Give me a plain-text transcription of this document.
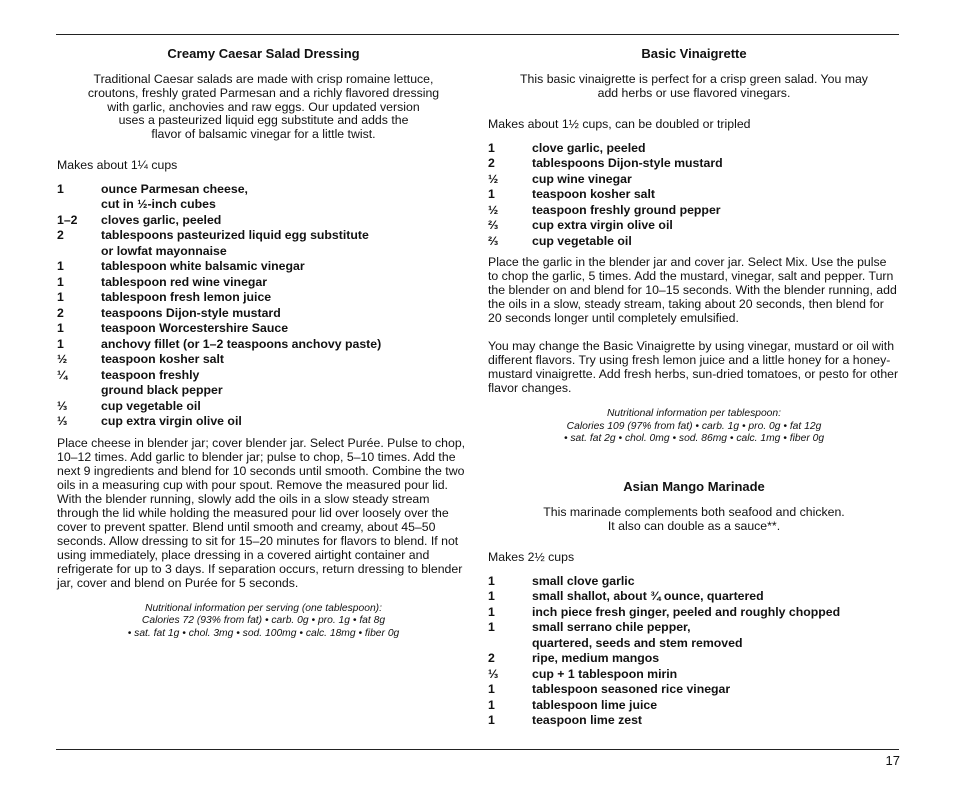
Creamy Caesar Salad Dressing

Traditional Caesar salads are made with crisp romaine lettuce,
croutons, freshly grated Parmesan and a richly flavored dressing
with garlic, anchovies and raw eggs. Our updated version
uses a pasteurized liquid egg substitute and adds the
flavor of balsamic vinegar for a little twist.

Makes about 1¼ cups

1	ounce Parmesan cheese,
cut in ½-inch cubes
1–2	cloves garlic, peeled
2	tablespoons pasteurized liquid egg substitute
or lowfat mayonnaise
1	tablespoon white balsamic vinegar
1	tablespoon red wine vinegar
1	tablespoon fresh lemon juice
2	teaspoons Dijon-style mustard
1	teaspoon Worcestershire Sauce
1	anchovy fillet (or 1–2 teaspoons anchovy paste)
½	teaspoon kosher salt
¼	teaspoon freshly
ground black pepper
⅓	cup vegetable oil
⅓	cup extra virgin olive oil

Place cheese in blender jar; cover blender jar. Select Purée. Pulse to chop, 10–12 times. Add garlic to blender jar; pulse to chop, 5–10 times. Add the next 9 ingredients and blend for 10 seconds until smooth. Combine the two oils in a measuring cup with pour spout. Remove the measured pour lid. With the blender running, slowly add the oils in a slow steady stream through the lid while holding the measured pour lid over loosely over the cover to prevent spatter. Blend until smooth and creamy, about 45–50 seconds. Allow dressing to sit for 15–20 minutes for flavors to blend. If not using immediately, place dressing in a covered airtight container and refrigerate for up to 3 days. If separation occurs, return dressing to blender jar, cover and blend on Purée for 5 seconds.

Nutritional information per serving (one tablespoon):
Calories 72 (93% from fat) • carb. 0g • pro. 1g • fat 8g
• sat. fat 1g • chol. 3mg • sod. 100mg • calc. 18mg • fiber 0g
Basic Vinaigrette

This basic vinaigrette is perfect for a crisp green salad. You may
add herbs or use flavored vinegars.

Makes about 1½ cups, can be doubled or tripled

1	clove garlic, peeled
2	tablespoons Dijon-style mustard
½	cup wine vinegar
1	teaspoon kosher salt
½	teaspoon freshly ground pepper
⅔	cup extra virgin olive oil
⅔	cup vegetable oil

Place the garlic in the blender jar and cover jar. Select Mix. Use the pulse to chop the garlic, 5 times. Add the mustard, vinegar, salt and pepper. Turn the blender on and blend for 10–15 seconds. With the blender running, add the oils in a slow, steady stream, taking about 20 seconds, then blend for 20 seconds longer until completely emulsified.

You may change the Basic Vinaigrette by using vinegar, mustard or oil with different flavors. Try using fresh lemon juice and a little honey for a honey-mustard vinaigrette. Add fresh herbs, sun-dried tomatoes, or pesto for other flavor changes.

Nutritional information per tablespoon:
Calories 109 (97% from fat) • carb. 1g • pro. 0g • fat 12g
• sat. fat 2g • chol. 0mg • sod. 86mg • calc. 1mg • fiber 0g
Asian Mango Marinade

This marinade complements both seafood and chicken.
It also can double as a sauce**.

Makes 2½ cups

1	small clove garlic
1	small shallot, about ¾ ounce, quartered
1	inch piece fresh ginger, peeled and roughly chopped
1	small serrano chile pepper,
quartered, seeds and stem removed
2	ripe, medium mangos
⅓	cup + 1 tablespoon mirin
1	tablespoon seasoned rice vinegar
1	tablespoon lime juice
1	teaspoon lime zest
17
